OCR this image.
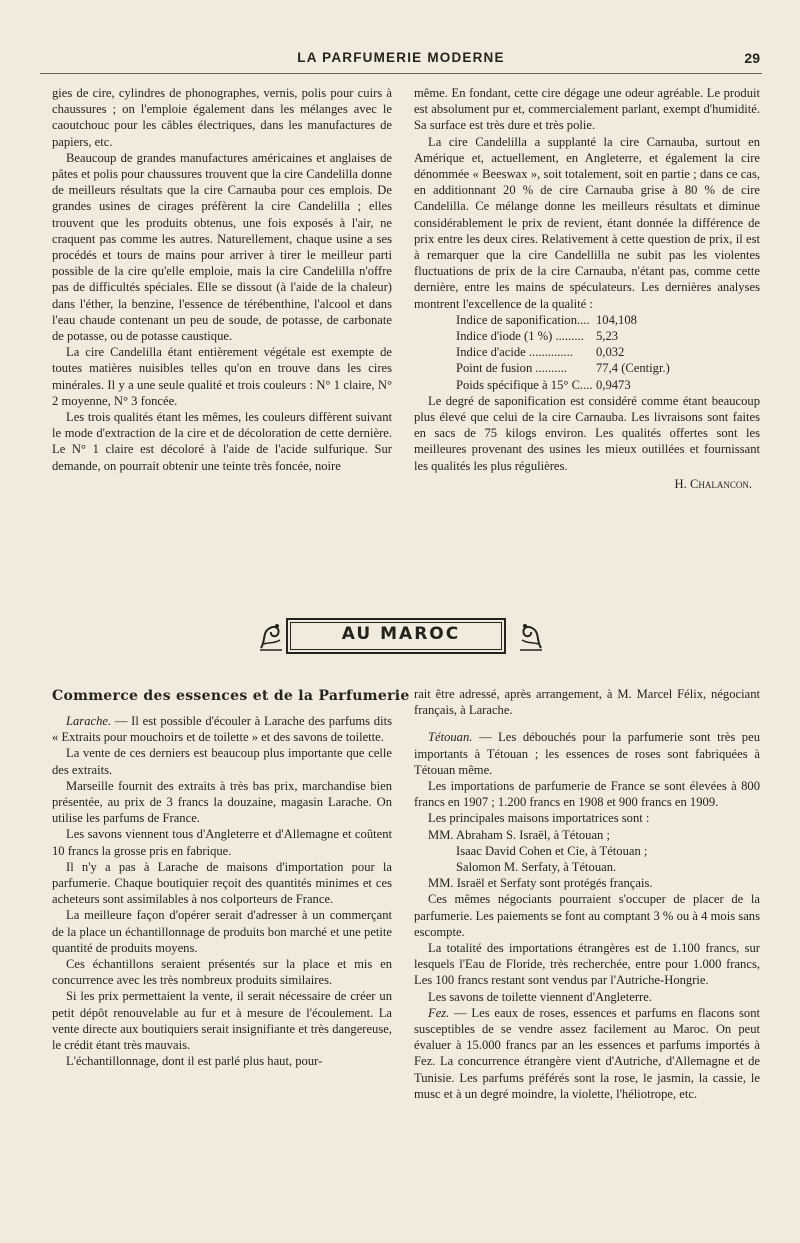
LA PARFUMERIE MODERNE	29

gies de cire, cylindres de phonographes, vernis, polis pour cuirs à chaussures ; on l'emploie également dans les mélanges avec le caoutchouc pour les câbles électriques, dans les manufactures de papiers, etc.

Beaucoup de grandes manufactures américaines et anglaises de pâtes et polis pour chaussures trouvent que la cire Candelilla donne de meilleurs résultats que la cire Carnauba pour ces emplois. De grandes usines de cirages préfèrent la cire Candelilla ; elles trouvent que les produits obtenus, une fois exposés à l'air, ne craquent pas comme les autres. Naturellement, chaque usine a ses procédés et tours de mains pour arriver à tirer le meilleur parti possible de la cire qu'elle emploie, mais la cire Candelilla n'offre pas de difficultés spéciales. Elle se dissout (à l'aide de la chaleur) dans l'éther, la benzine, l'essence de térébenthine, l'alcool et dans l'eau chaude contenant un peu de soude, de potasse, de carbonate de potasse, ou de potasse caustique.

La cire Candelilla étant entièrement végétale est exempte de toutes matières nuisibles telles qu'on en trouve dans les cires minérales. Il y a une seule qualité et trois couleurs : N° 1 claire, N° 2 moyenne, N° 3 foncée.

Les trois qualités étant les mêmes, les couleurs diffèrent suivant le mode d'extraction de la cire et de décoloration de cette dernière. Le N° 1 claire est décoloré à l'aide de l'acide sulfurique. Sur demande, on pourrait obtenir une teinte très foncée, noire

même. En fondant, cette cire dégage une odeur agréable. Le produit est absolument pur et, commercialement parlant, exempt d'humidité. Sa surface est très dure et très polie.

La cire Candelilla a supplanté la cire Carnauba, surtout en Amérique et, actuellement, en Angleterre, et également la cire dénommée « Beeswax », soit totalement, soit en partie ; dans ce cas, en additionnant 20 % de cire Carnauba grise à 80 % de cire Candelilla. Ce mélange donne les meilleurs résultats et diminue considérablement le prix de revient, étant donnée la différence de prix entre les deux cires. Relativement à cette question de prix, il est à remarquer que la cire Candellilla ne subit pas les violentes fluctuations de prix de la cire Carnauba, n'étant pas, comme cette dernière, entre les mains de spéculateurs. Les dernières analyses montrent l'excellence de la qualité :

Indice de saponification.... 104,108
Indice d'iode (1 %) ......... 5,23
Indice d'acide ..............	0,032
Point de fusion ..........	77,4 (Centigr.)
Poids spécifique à 15° C.... 0,9473

Le degré de saponification est considéré comme étant beaucoup plus élevé que celui de la cire Carnauba. Les livraisons sont faites en sacs de 75 kilogs environ. Les qualités offertes sont les meilleures provenant des usines les mieux outillées et fournissant les qualités les plus régulières.

H. Chalancon.
AU MAROC
Commerce des essences et de la Parfumerie

Larache. — Il est possible d'écouler à Larache des parfums dits « Extraits pour mouchoirs et de toilette » et des savons de toilette.

La vente de ces derniers est beaucoup plus importante que celle des extraits.

Marseille fournit des extraits à très bas prix, marchandise bien présentée, au prix de 3 francs la douzaine, magasin Larache. On utilise les parfums de France.

Les savons viennent tous d'Angleterre et d'Allemagne et coûtent 10 francs la grosse pris en fabrique.

Il n'y a pas à Larache de maisons d'importation pour la parfumerie. Chaque boutiquier reçoit des quantités minimes et ces acheteurs sont assimilables à nos colporteurs de France.

La meilleure façon d'opérer serait d'adresser à un commerçant de la place un échantillonnage de produits bon marché et une petite quantité de produits moyens.

Ces échantillons seraient présentés sur la place et mis en concurrence avec les très nombreux produits similaires.

Si les prix permettaient la vente, il serait nécessaire de créer un petit dépôt renouvelable au fur et à mesure de l'écoulement. La vente directe aux boutiquiers serait insignifiante et très dangereuse, le crédit étant très mauvais.

L'échantillonnage, dont il est parlé plus haut, pour-

rait être adressé, après arrangement, à M. Marcel Félix, négociant français, à Larache.

Tétouan. — Les débouchés pour la parfumerie sont très peu importants à Tétouan ; les essences de roses sont fabriquées à Tétouan même.

Les importations de parfumerie de France se sont élevées à 800 francs en 1907 ; 1.200 francs en 1908 et 900 francs en 1909.

Les principales maisons importatrices sont :

MM. Abraham S. Israël, à Tétouan ;
Isaac David Cohen et Cie, à Tétouan ;
Salomon M. Serfaty, à Tétouan.

MM. Israël et Serfaty sont protégés français.

Ces mêmes négociants pourraient s'occuper de placer de la parfumerie. Les paiements se font au comptant 3 % ou à 4 mois sans escompte.

La totalité des importations étrangères est de 1.100 francs, sur lesquels l'Eau de Floride, très recherchée, entre pour 1.000 francs, Les 100 francs restant sont vendus par l'Autriche-Hongrie.

Les savons de toilette viennent d'Angleterre.

Fez. — Les eaux de roses, essences et parfums en flacons sont susceptibles de se vendre assez facilement au Maroc. On peut évaluer à 15.000 francs par an les essences et parfums importés à Fez. La concurrence étrangère vient d'Autriche, d'Allemagne et de Tunisie. Les parfums préférés sont la rose, le jasmin, la cassie, le musc et à un degré moindre, la violette, l'héliotrope, etc.
